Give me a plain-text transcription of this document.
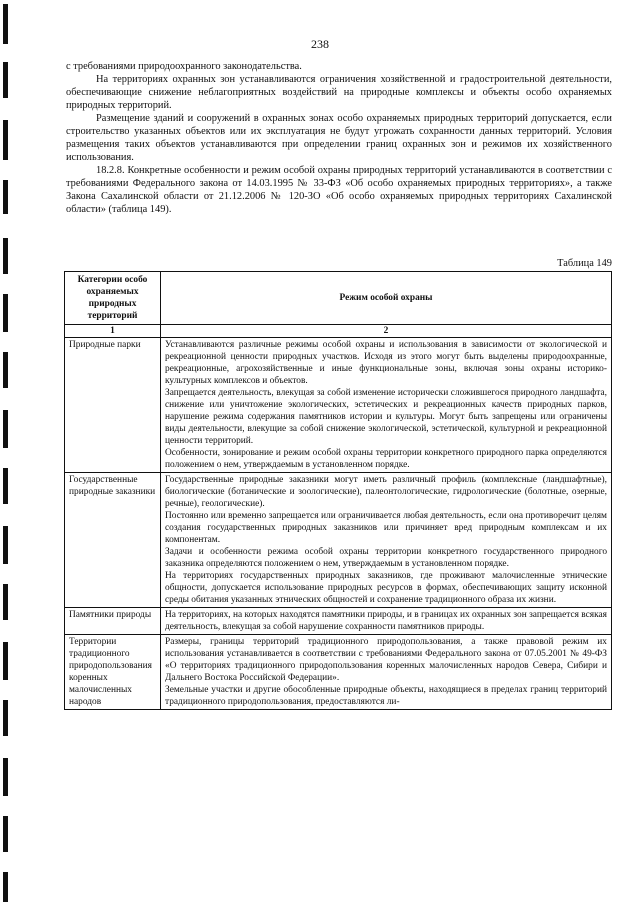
238

с требованиями природоохранного законодательства.

На территориях охранных зон устанавливаются ограничения хозяйственной и градостроительной деятельности, обеспечивающие снижение неблагоприятных воздействий на природные комплексы и объекты особо охраняемых природных территорий.

Размещение зданий и сооружений в охранных зонах особо охраняемых природных территорий допускается, если строительство указанных объектов или их эксплуатация не будут угрожать сохранности данных территорий. Условия размещения таких объектов устанавливаются при определении границ охранных зон и режимов их хозяйственного использования.

18.2.8. Конкретные особенности и режим особой охраны природных территорий устанавливаются в соответствии с требованиями Федерального закона от 14.03.1995 № 33-ФЗ «Об особо охраняемых природных территориях», а также Закона Сахалинской области от 21.12.2006 № 120-ЗО «Об особо охраняемых природных территориях Сахалинской области» (таблица 149).

Таблица 149
Категории особо охраняемых природных территорий	Режим особой охраны
1	2
Природные парки	Устанавливаются различные режимы особой охраны и использования в зависимости от экологической и рекреационной ценности природных участков. Исходя из этого могут быть выделены природоохранные, рекреационные, агрохозяйственные и иные функциональные зоны, включая зоны охраны историко-культурных комплексов и объектов.

Запрещается деятельность, влекущая за собой изменение исторически сложившегося природного ландшафта, снижение или уничтожение экологических, эстетических и рекреационных качеств природных парков, нарушение режима содержания памятников истории и культуры. Могут быть запрещены или ограничены виды деятельности, влекущие за собой снижение экологической, эстетической, культурной и рекреационной ценности территорий.

Особенности, зонирование и режим особой охраны территории конкретного природного парка определяются положением о нем, утверждаемым в установленном порядке.

Государственные природные заказники	Государственные природные заказники могут иметь различный профиль (комплексные (ландшафтные), биологические (ботанические и зоологические), палеонтологические, гидрологические (болотные, озерные, речные), геологические).

Постоянно или временно запрещается или ограничивается любая деятельность, если она противоречит целям создания государственных природных заказников или причиняет вред природным комплексам и их компонентам.

Задачи и особенности режима особой охраны территории конкретного государственного природного заказника определяются положением о нем, утверждаемым в установленном порядке.

На территориях государственных природных заказников, где проживают малочисленные этнические общности, допускается использование природных ресурсов в формах, обеспечивающих защиту исконной среды обитания указанных этнических общностей и сохранение традиционного образа их жизни.

Памятники природы	На территориях, на которых находятся памятники природы, и в границах их охранных зон запрещается всякая деятельность, влекущая за собой нарушение сохранности памятников природы.

Территории традиционного природопользования коренных малочисленных народов	Размеры, границы территорий традиционного природопользования, а также правовой режим их использования устанавливается в соответствии с требованиями Федерального закона от 07.05.2001 № 49-ФЗ «О территориях традиционного природопользования коренных малочисленных народов Севера, Сибири и Дальнего Востока Российской Федерации».

Земельные участки и другие обособленные природные объекты, находящиеся в пределах границ территорий традиционного природопользования, предоставляются ли-
